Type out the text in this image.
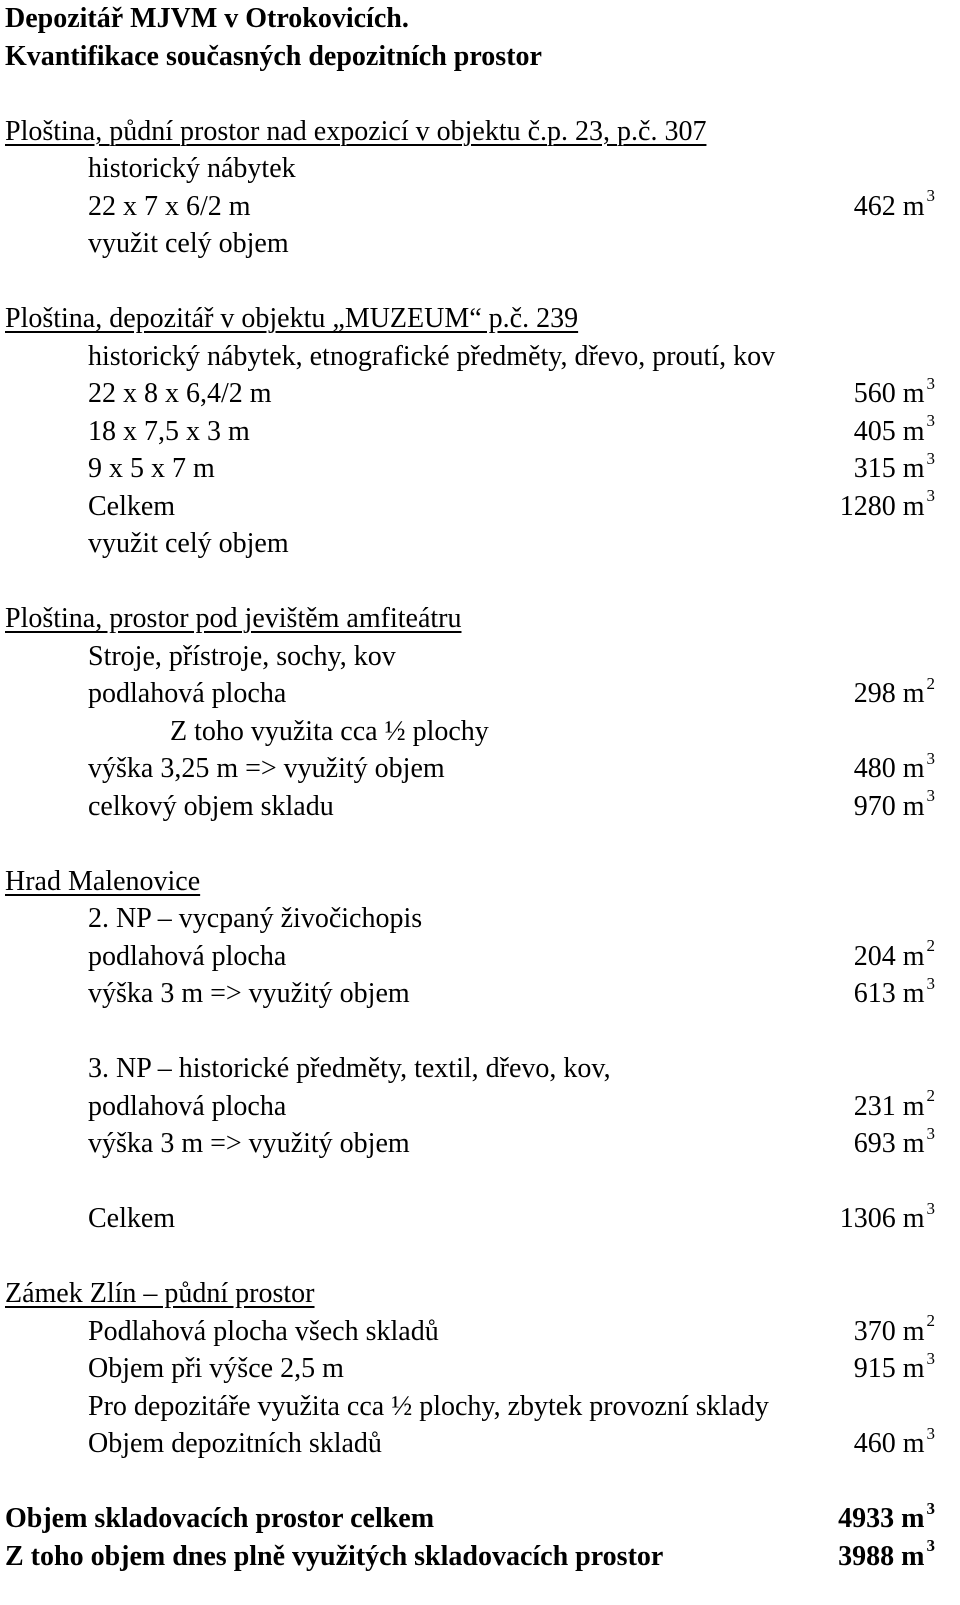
Depozitář MJVM v Otrokovicích.
Kvantifikace současných depozitních prostor
Ploština, půdní prostor nad expozicí v objektu č.p. 23, p.č. 307
historický nábytek
22 x 7 x 6/2 m	462 m $^3$
využit celý objem
Ploština, depozitář v objektu „MUZEUM“ p.č. 239
historický nábytek, etnografické předměty, dřevo, proutí, kov
22 x 8 x 6,4/2 m	560 m $^3$
18 x 7,5 x 3 m	405 m $^3$
9 x 5 x 7 m	315 m $^3$
Celkem	1280 m $^3$
využit celý objem
Ploština, prostor pod jevištěm amfiteátru
Stroje, přístroje, sochy, kov
podlahová plocha	298 m $^2$
Z toho využita cca ½ plochy
výška 3,25 m => využitý objem	480 m $^3$
celkový objem skladu	970 m $^3$
Hrad Malenovice
2. NP – vycpaný živočichopis
podlahová plocha	204 m $^2$
výška 3 m => využitý objem	613 m $^3$
3. NP – historické předměty, textil, dřevo, kov,
podlahová plocha	231 m $^2$
výška 3 m => využitý objem	693 m $^3$
Celkem	1306 m $^3$
Zámek Zlín – půdní prostor
Podlahová plocha všech skladů	370 m $^2$
Objem při výšce 2,5 m	915 m $^3$
Pro depozitáře využita cca ½ plochy, zbytek provozní sklady
Objem depozitních skladů	460 m $^3$
Objem skladovacích prostor celkem	4933 m $^3$
Z toho objem dnes plně využitých skladovacích prostor	3988 m $^3$
